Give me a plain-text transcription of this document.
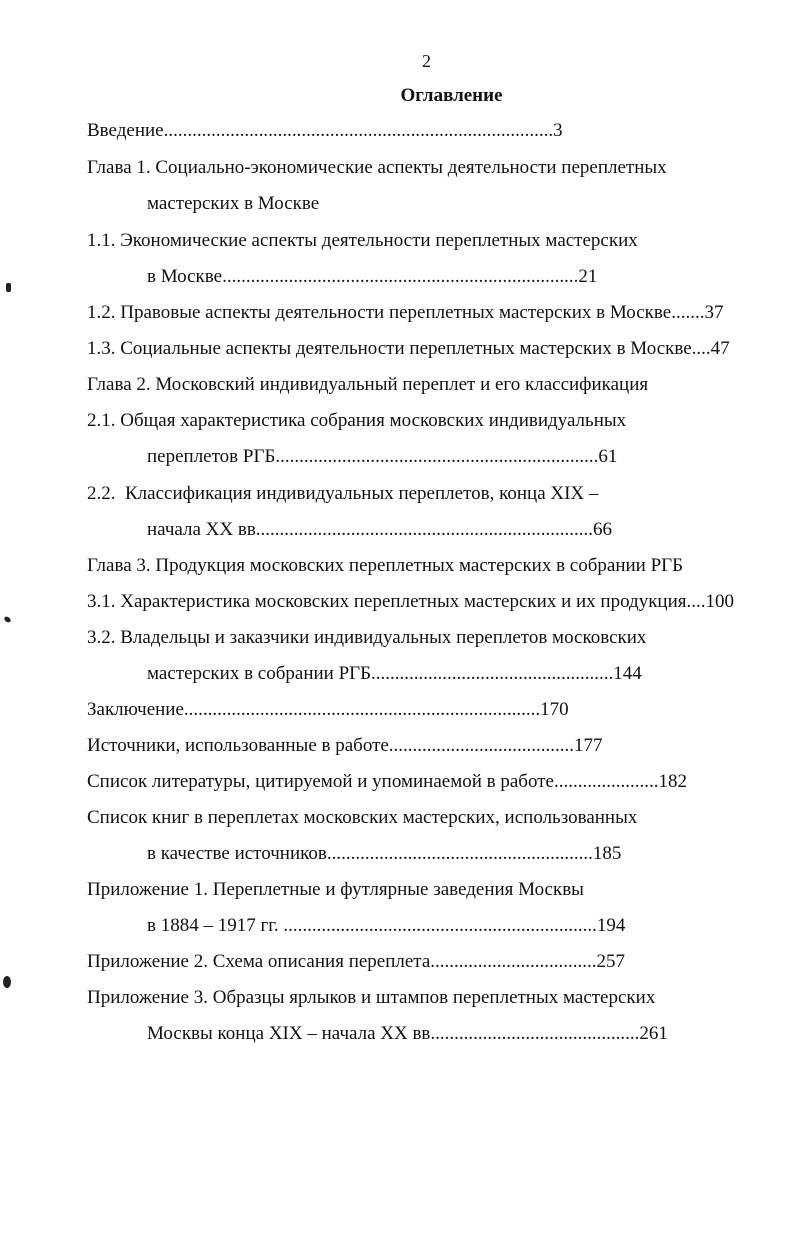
2
Оглавление
Введение..................................................................................3
Глава 1. Социально-экономические аспекты деятельности переплетных
мастерских в Москве
1.1. Экономические аспекты деятельности переплетных мастерских
в Москве...........................................................................21
1.2. Правовые аспекты деятельности переплетных мастерских в Москве.......37
1.3. Социальные аспекты деятельности переплетных мастерских в Москве....47
Глава 2. Московский индивидуальный переплет и его классификация
2.1. Общая характеристика собрания московских индивидуальных
переплетов РГБ....................................................................61
2.2.  Классификация индивидуальных переплетов, конца XIX –
начала XX вв.......................................................................66
Глава 3. Продукция московских переплетных мастерских в собрании РГБ
3.1. Характеристика московских переплетных мастерских и их продукция....100
3.2. Владельцы и заказчики индивидуальных переплетов московских
мастерских в собрании РГБ...................................................144
Заключение...........................................................................170
Источники, использованные в работе.......................................177
Список литературы, цитируемой и упоминаемой в работе......................182
Список книг в переплетах московских мастерских, использованных
в качестве источников........................................................185
Приложение 1. Переплетные и футлярные заведения Москвы
в 1884 – 1917 гг. ..................................................................194
Приложение 2. Схема описания переплета...................................257
Приложение 3. Образцы ярлыков и штампов переплетных мастерских
Москвы конца XIX – начала XX вв............................................261
